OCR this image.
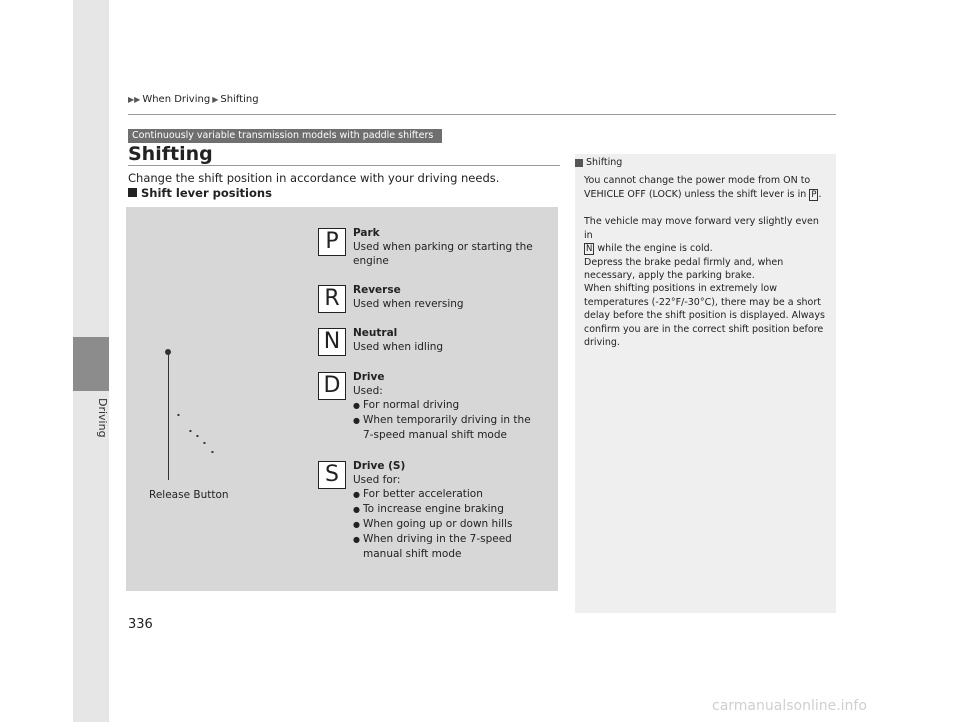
Driving
▶▶ When Driving ▶ Shifting
Continuously variable transmission models with paddle shifters
Shifting
Change the shift position in accordance with your driving needs.
Shift lever positions
▪
▪
▪
▪
▪
Release Button
P	Park
Used when parking or starting the
engine
R	Reverse
Used when reversing
N	Neutral
Used when idling
D	Drive
Used:
● For normal driving
● When temporarily driving in the 7-speed manual shift mode
S	Drive (S)
Used for:
● For better acceleration
● To increase engine braking
● When going up or down hills
● When driving in the 7-speed manual shift mode
Shifting
You cannot change the power mode from ON to VEHICLE OFF (LOCK) unless the shift lever is in P .
The vehicle may move forward very slightly even in
N while the engine is cold.
Depress the brake pedal firmly and, when necessary, apply the parking brake.
When shifting positions in extremely low temperatures (-22°F/-30°C), there may be a short delay before the shift position is displayed. Always confirm you are in the correct shift position before driving.
336
carmanualsonline.info
